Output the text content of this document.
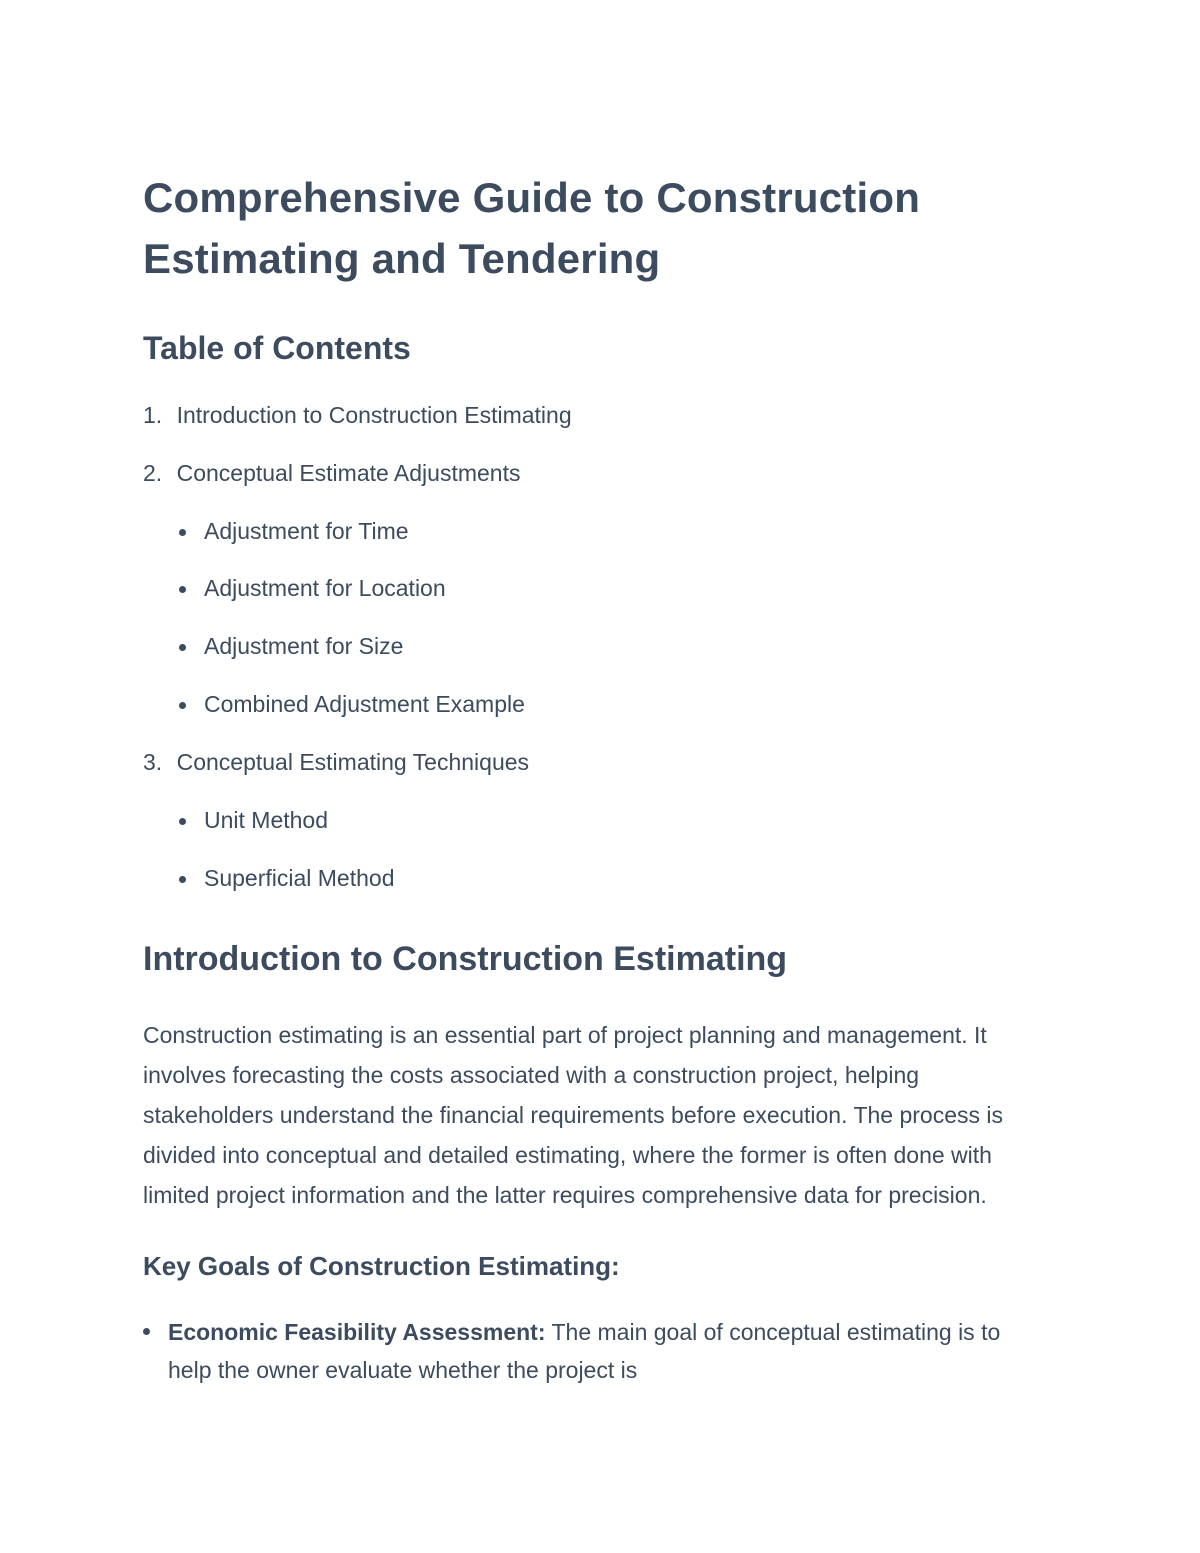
Comprehensive Guide to Construction Estimating and Tendering
Table of Contents
1. Introduction to Construction Estimating
2. Conceptual Estimate Adjustments
Adjustment for Time
Adjustment for Location
Adjustment for Size
Combined Adjustment Example
3. Conceptual Estimating Techniques
Unit Method
Superficial Method
Introduction to Construction Estimating

Construction estimating is an essential part of project planning and management. It involves forecasting the costs associated with a construction project, helping stakeholders understand the financial requirements before execution. The process is divided into conceptual and detailed estimating, where the former is often done with limited project information and the latter requires comprehensive data for precision.

Key Goals of Construction Estimating:
Economic Feasibility Assessment: The main goal of conceptual estimating is to help the owner evaluate whether the project is
